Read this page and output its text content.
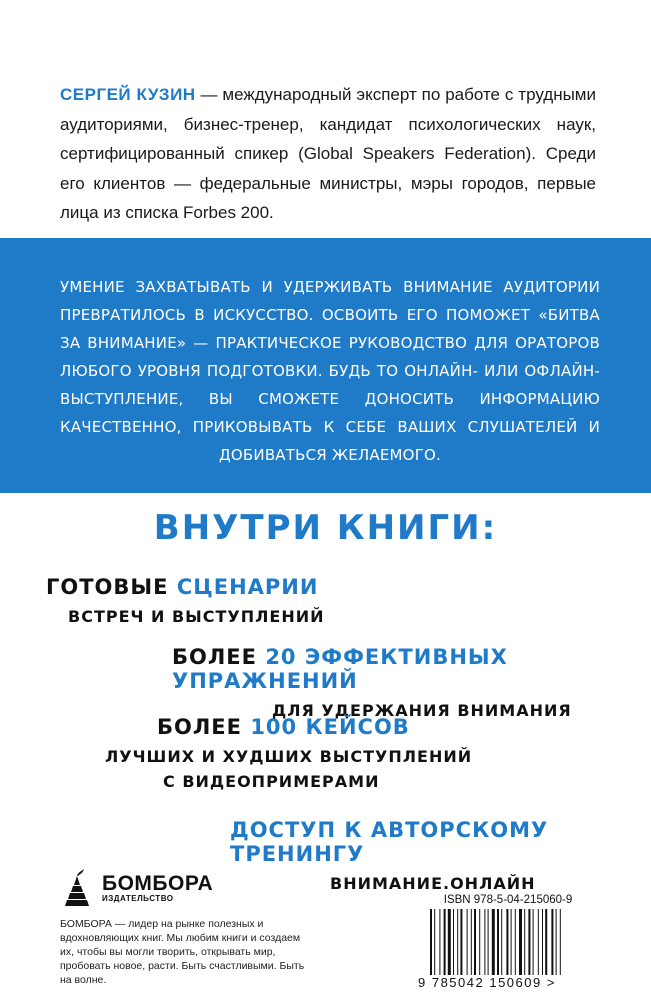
СЕРГЕЙ КУЗИН — международный эксперт по работе с трудными аудиториями, бизнес-тренер, кандидат психологических наук, сертифицированный спикер (Global Speakers Federation). Среди его клиентов — федеральные министры, мэры городов, первые лица из списка Forbes 200.
УМЕНИЕ ЗАХВАТЫВАТЬ И УДЕРЖИВАТЬ ВНИМАНИЕ АУДИТОРИИ ПРЕВРАТИЛОСЬ В ИСКУССТВО. ОСВОИТЬ ЕГО ПОМОЖЕТ «БИТВА ЗА ВНИМАНИЕ» — ПРАКТИЧЕСКОЕ РУКОВОДСТВО ДЛЯ ОРАТОРОВ ЛЮБОГО УРОВНЯ ПОДГОТОВКИ. БУДЬ ТО ОНЛАЙН- ИЛИ ОФЛАЙН-ВЫСТУПЛЕНИЕ, ВЫ СМОЖЕТЕ ДОНОСИТЬ ИНФОРМАЦИЮ КАЧЕСТВЕННО, ПРИКОВЫВАТЬ К СЕБЕ ВАШИХ СЛУШАТЕЛЕЙ И ДОБИВАТЬСЯ ЖЕЛАЕМОГО.
ВНУТРИ КНИГИ:
ГОТОВЫЕ СЦЕНАРИИ
ВСТРЕЧ И ВЫСТУПЛЕНИЙ
БОЛЕЕ 20 ЭФФЕКТИВНЫХ УПРАЖНЕНИЙ
ДЛЯ УДЕРЖАНИЯ ВНИМАНИЯ
БОЛЕЕ 100 КЕЙСОВ
ЛУЧШИХ И ХУДШИХ ВЫСТУПЛЕНИЙ
С ВИДЕОПРИМЕРАМИ
ДОСТУП К АВТОРСКОМУ ТРЕНИНГУ
ВНИМАНИЕ.ОНЛАЙН
БОМБОРА
ИЗДАТЕЛЬСТВО
БОМБОРА — лидер на рынке полезных и вдохновляющих книг. Мы любим книги и создаем их, чтобы вы могли творить, открывать мир, пробовать новое, расти. Быть счастливыми. Быть на волне.
ISBN 978-5-04-215060-9
9 785042 150609 >
